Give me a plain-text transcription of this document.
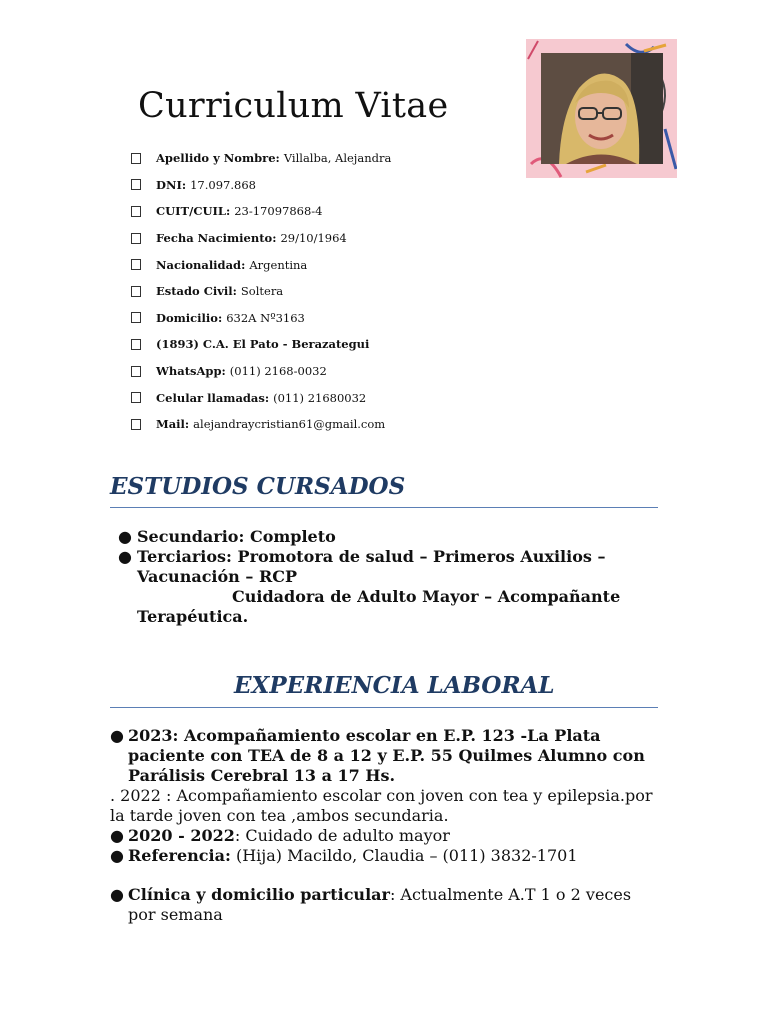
Curriculum Vitae
Apellido y Nombre: Villalba, Alejandra
DNI: 17.097.868
CUIT/CUIL: 23-17097868-4
Fecha Nacimiento: 29/10/1964
Nacionalidad: Argentina
Estado Civil: Soltera
Domicilio: 632A Nº3163
(1893) C.A. El Pato - Berazategui
WhatsApp: (011) 2168-0032
Celular llamadas: (011) 21680032
Mail: alejandraycristian61@gmail.com
ESTUDIOS CURSADOS
● Secundario: Completo
● Terciarios: Promotora de salud – Primeros Auxilios – Vacunación – RCP
Cuidadora de Adulto Mayor – Acompañante Terapéutica.
EXPERIENCIA LABORAL
● 2023: Acompañamiento escolar en E.P. 123 -La Plata paciente con TEA de 8 a 12 y E.P. 55 Quilmes Alumno con Parálisis Cerebral 13 a 17 Hs.
. 2022 : Acompañamiento escolar con joven con tea y epilepsia.por la tarde joven con tea ,ambos secundaria.
● 2020 - 2022: Cuidado de adulto mayor
● Referencia: (Hija) Macildo, Claudia – (011) 3832-1701
● Clínica y domicilio particular: Actualmente A.T 1 o 2 veces por semana
